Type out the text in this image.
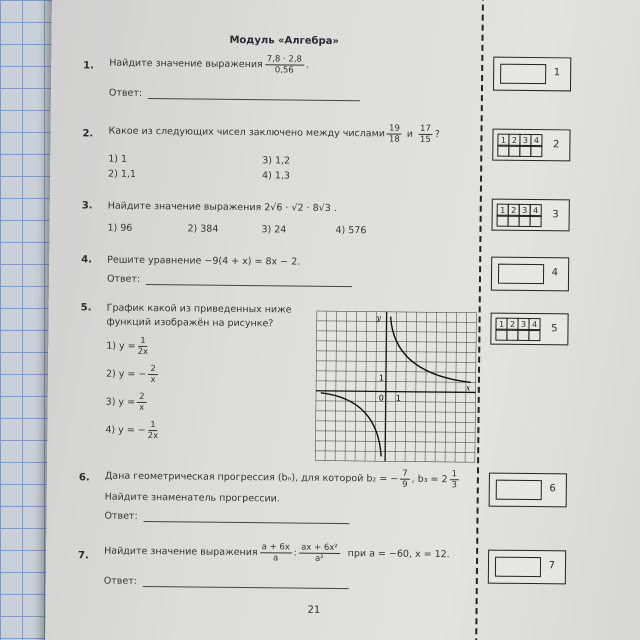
Модуль «Алгебра»
1. Найдите значение выражения $\frac{7,8 \cdot 2,8}{0,56}$ .
Ответ:
2. Какое из следующих чисел заключено между числами $\frac{19}{18}$ и $\frac{17}{15}$ ?
1) 1
2) 1,1
3) 1,2
4) 1,3
3. Найдите значение выражения 2√6 · √2 · 8√3 .
1) 96	2) 384	3) 24	4) 576
4. Решите уравнение −9(4 + x) = 8x − 2.
Ответ:
5. График какой из приведенных ниже
функций изображён на рисунке?
1) $y = \frac{1}{2x}$
2) y = − $\frac{2}{x}$
3) $y = \frac{2}{x}$
4) y = − $\frac{1}{2x}$
y
x
1
0 1
6. Дана геометрическая прогрессия (bₙ), для которой b₂ = − $\frac{7}{9}$ , $b_3 = 2 \frac{1}{3}$
Найдите знаменатель прогрессии.
Ответ:
7. Найдите значение выражения $\frac{a + 6x}{a}$ : $\frac{\text{ax + 6x²}}{\text{a²}}$ при a = −60, x = 12.
Ответ:
21
1
1 2 3 4	2
1 2 3 4	3
4
1 2 3 4	5
6
7
